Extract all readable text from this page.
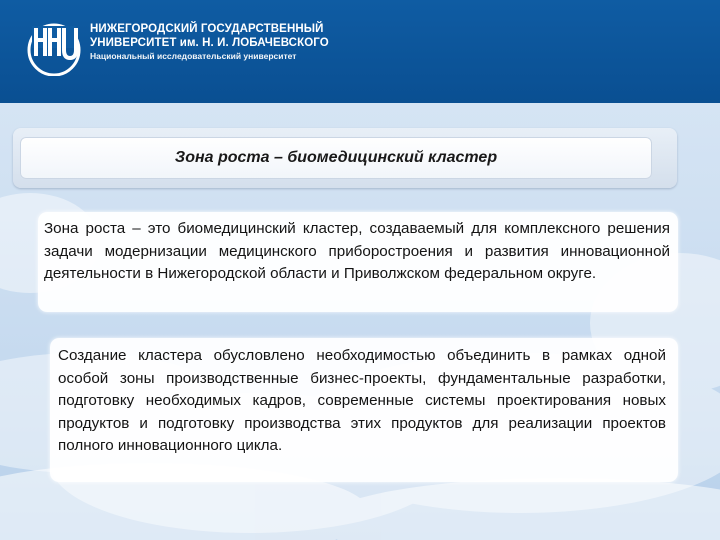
НИЖЕГОРОДСКИЙ ГОСУДАРСТВЕННЫЙ
УНИВЕРСИТЕТ им. Н. И. ЛОБАЧЕВСКОГО
Национальный исследовательский университет
Зона роста – биомедицинский кластер

Зона роста – это биомедицинский кластер, создаваемый для комплексного решения задачи модернизации медицинского приборостроения и развития инновационной деятельности в Нижегородской области и Приволжском федеральном округе.

Создание кластера обусловлено необходимостью объединить в рамках одной особой зоны производственные бизнес-проекты, фундаментальные разработки, подготовку необходимых кадров, современные системы проектирования новых продуктов и подготовку производства этих продуктов для реализации проектов полного инновационного цикла.
